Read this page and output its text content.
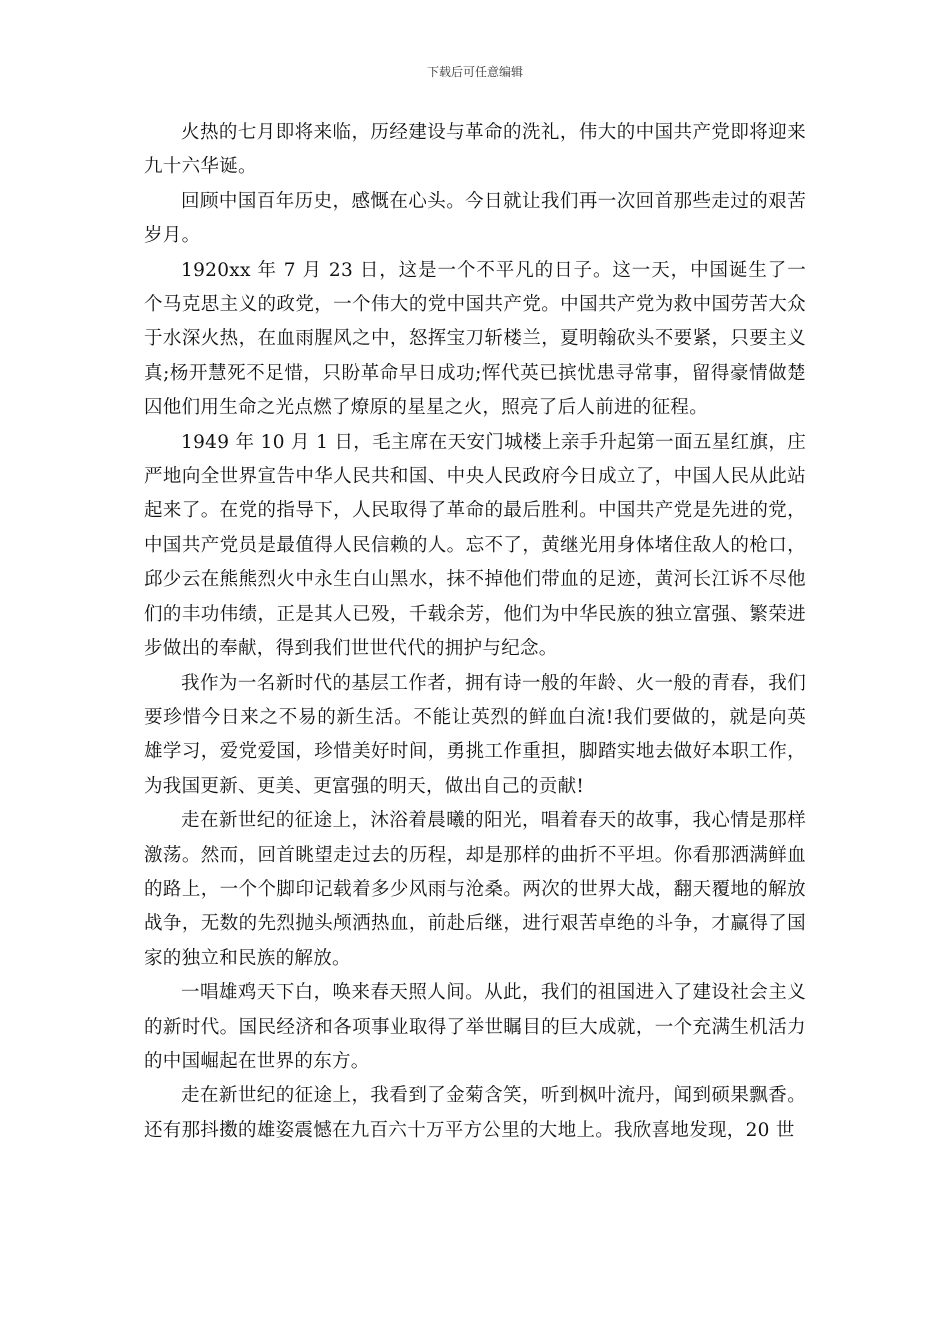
下载后可任意编辑

火热的七月即将来临，历经建设与革命的洗礼，伟大的中国共产党即将迎来九十六华诞。

回顾中国百年历史，感慨在心头。今日就让我们再一次回首那些走过的艰苦岁月。

1920xx 年 7 月 23 日，这是一个不平凡的日子。这一天，中国诞生了一个马克思主义的政党，一个伟大的党中国共产党。中国共产党为救中国劳苦大众于水深火热，在血雨腥风之中，怒挥宝刀斩楼兰，夏明翰砍头不要紧，只要主义真;杨开慧死不足惜，只盼革命早日成功;恽代英已摈忧患寻常事，留得豪情做楚囚他们用生命之光点燃了燎原的星星之火，照亮了后人前进的征程。

1949 年 10 月 1 日，毛主席在天安门城楼上亲手升起第一面五星红旗，庄严地向全世界宣告中华人民共和国、中央人民政府今日成立了，中国人民从此站起来了。在党的指导下，人民取得了革命的最后胜利。中国共产党是先进的党，中国共产党员是最值得人民信赖的人。忘不了，黄继光用身体堵住敌人的枪口，邱少云在熊熊烈火中永生白山黑水，抹不掉他们带血的足迹，黄河长江诉不尽他们的丰功伟绩，正是其人已殁，千载余芳，他们为中华民族的独立富强、繁荣进步做出的奉献，得到我们世世代代的拥护与纪念。

我作为一名新时代的基层工作者，拥有诗一般的年龄、火一般的青春，我们要珍惜今日来之不易的新生活。不能让英烈的鲜血白流!我们要做的，就是向英雄学习，爱党爱国，珍惜美好时间，勇挑工作重担，脚踏实地去做好本职工作，为我国更新、更美、更富强的明天，做出自己的贡献!

走在新世纪的征途上，沐浴着晨曦的阳光，唱着春天的故事，我心情是那样激荡。然而，回首眺望走过去的历程，却是那样的曲折不平坦。你看那洒满鲜血的路上，一个个脚印记载着多少风雨与沧桑。两次的世界大战，翻天覆地的解放战争，无数的先烈抛头颅洒热血，前赴后继，进行艰苦卓绝的斗争，才赢得了国家的独立和民族的解放。

一唱雄鸡天下白，唤来春天照人间。从此，我们的祖国进入了建设社会主义的新时代。国民经济和各项事业取得了举世瞩目的巨大成就，一个充满生机活力的中国崛起在世界的东方。

走在新世纪的征途上，我看到了金菊含笑，听到枫叶流丹，闻到硕果飘香。还有那抖擞的雄姿震憾在九百六十万平方公里的大地上。我欣喜地发现，20 世
